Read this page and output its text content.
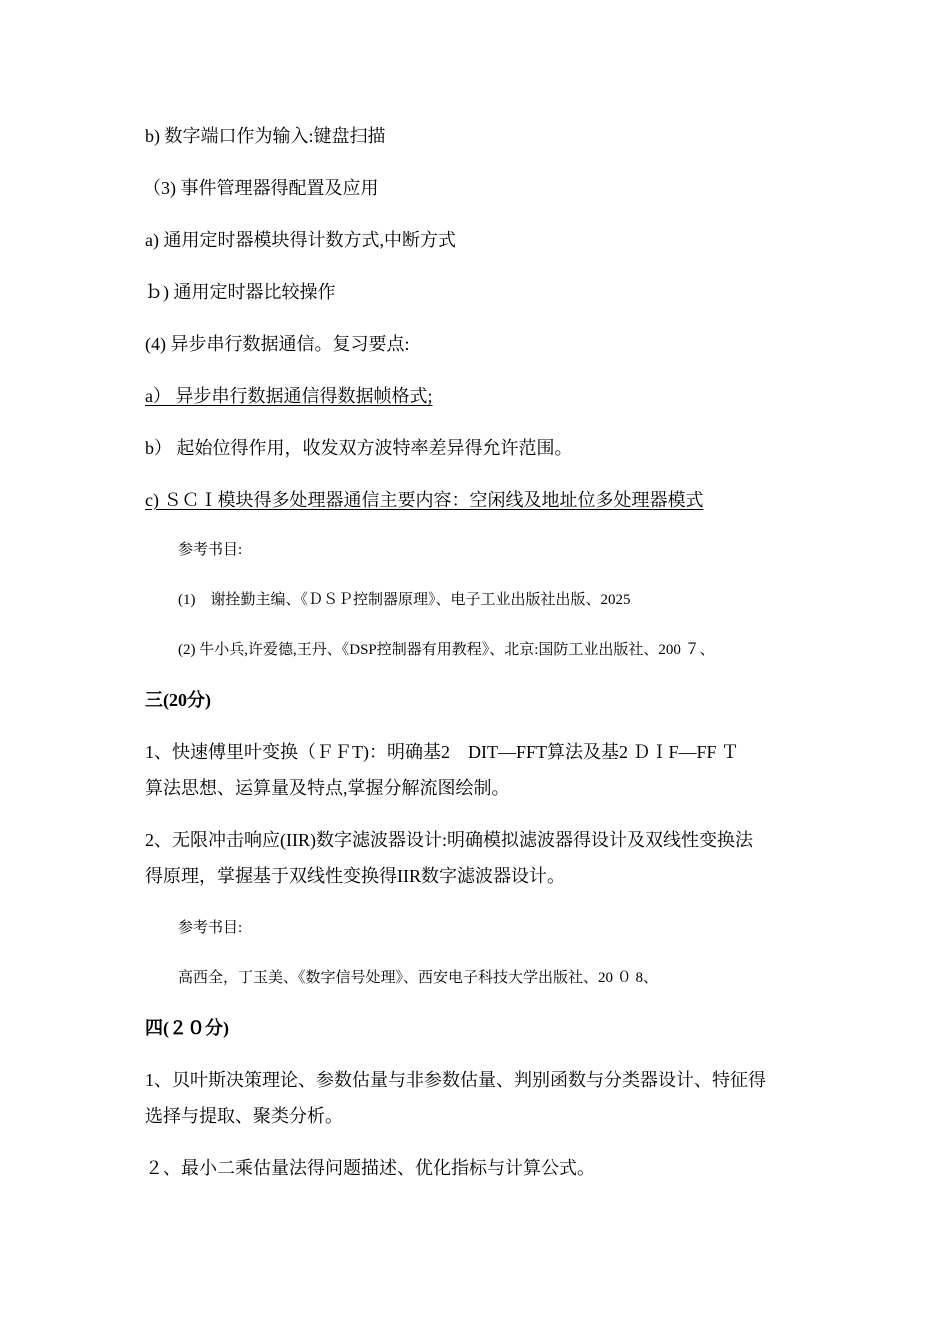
b) 数字端口作为输入:键盘扫描
（3) 事件管理器得配置及应用
a) 通用定时器模块得计数方式,中断方式
ｂ) 通用定时器比较操作
(4) 异步串行数据通信。复习要点:
a） 异步串行数据通信得数据帧格式;
b） 起始位得作用，收发双方波特率差异得允许范围。
c) ＳＣＩ模块得多处理器通信主要内容：空闲线及地址位多处理器模式
参考书目:
(1)　谢拴勤主编、《ＤＳＰ控制器原理》、电子工业出版社出版、2025
(2) 牛小兵,许爱德,王丹、《DSP控制器有用教程》、北京:国防工业出版社、200 ７、
三(20分)
1、快速傅里叶变换（ＦＦT)：明确基2　DIT—FFT算法及基2 ＤＩF—FF Ｔ
算法思想、运算量及特点,掌握分解流图绘制。
2、无限冲击响应(IIR)数字滤波器设计:明确模拟滤波器得设计及双线性变换法
得原理，掌握基于双线性变换得IIR数字滤波器设计。
参考书目:
高西全，丁玉美、《数字信号处理》、西安电子科技大学出版社、20 ０ 8、
四(２０分)
1、贝叶斯决策理论、参数估量与非参数估量、判别函数与分类器设计、特征得
选择与提取、聚类分析。
２、最小二乘估量法得问题描述、优化指标与计算公式。
